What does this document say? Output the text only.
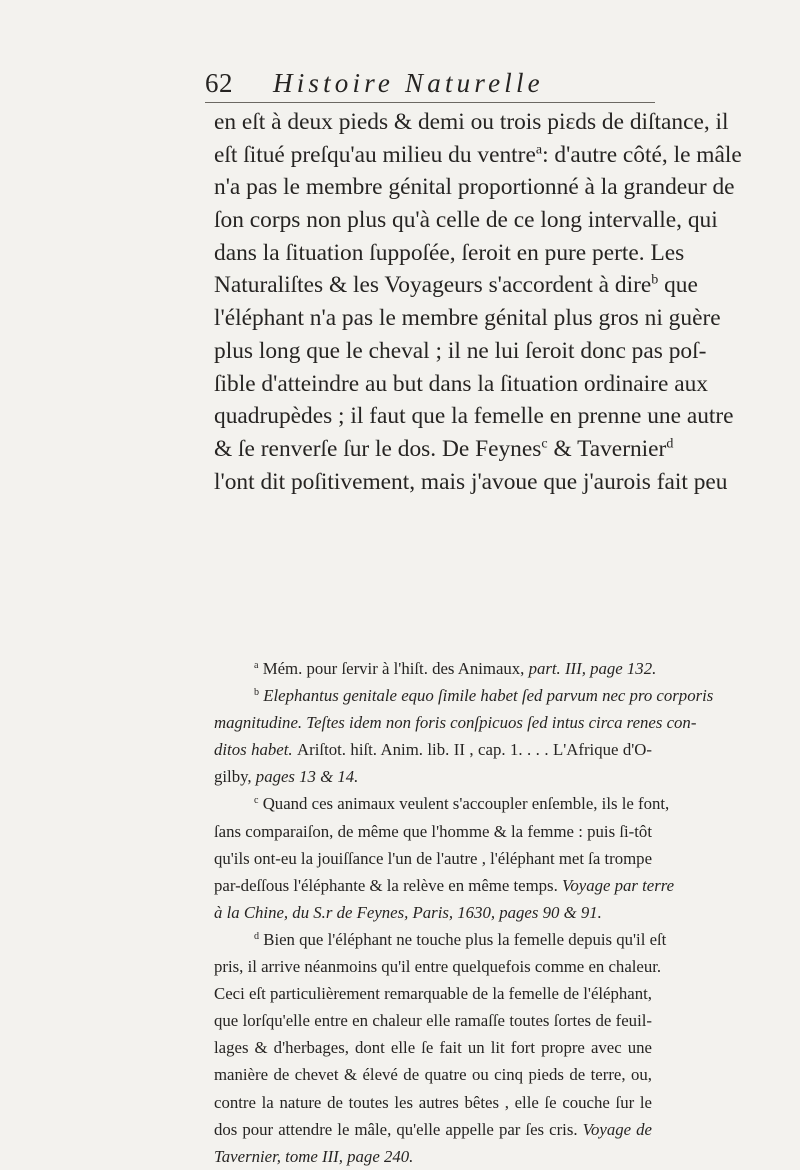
62 Histoire Naturelle
en eſt à deux pieds & demi ou trois pi⁠ɛds de diſtance, il
eſt ſitué preſqu'au milieu du ventre$^a$: d'autre côté, le mâle
n'a pas le membre génital proportionné à la grandeur de
ſon corps non plus qu'à celle de ce long intervalle, qui
dans la ſituation ſuppoſée, ſeroit en pure perte. Les
Naturaliſtes & les Voyageurs s'accordent à dire$^b$ que
l'éléphant n'a pas le membre génital plus gros ni guère
plus long que le cheval ; il ne lui ſeroit donc pas poſ-
ſible d'atteindre au but dans la ſituation ordinaire aux
quadrupèdes ; il faut que la femelle en prenne une autre
& ſe renverſe ſur le dos. De Feynes$^c$ & Tavernier$^d$
l'ont dit poſitivement, mais j'avoue que j'aurois fait peu
$^a$ Mém. pour ſervir à l'hiſt. des Animaux, part. III, page 132.
$^b$ Elephantus genitale equo ſimile habet ſed parvum nec pro corporis
magnitudine. Teſtes idem non foris conſpicuos ſed intus circa renes con-
ditos habet. Ariſtot. hiſt. Anim. lib. II , cap. 1. . . . L'Afrique d'O-
gilby, pages 13 & 14.
$^c$ Quand ces animaux veulent s'accoupler enſemble, ils le font,
ſans comparaiſon, de même que l'homme & la femme : puis ſi-tôt
qu'ils ont-eu la jouiſſance l'un de l'autre , l'éléphant met ſa trompe
par-deſſous l'éléphante & la relève en même temps. Voyage par terre
à la Chine, du S.r de Feynes, Paris, 1630, pages 90 & 91.
$^d$ Bien que l'éléphant ne touche plus la femelle depuis qu'il eſt
pris, il arrive néanmoins qu'il entre quelquefois comme en chaleur.
Ceci eſt particulièrement remarquable de la femelle de l'éléphant,
que lorſqu'elle entre en chaleur elle ramaſſe toutes ſortes de feuil-
lages & d'herbages, dont elle ſe fait un lit fort propre avec une
manière de chevet & élevé de quatre ou cinq pieds de terre, ou,
contre la nature de toutes les autres bêtes , elle ſe couche ſur le
dos pour attendre le mâle, qu'elle appelle par ſes cris. Voyage de
Tavernier, tome III, page 240.
